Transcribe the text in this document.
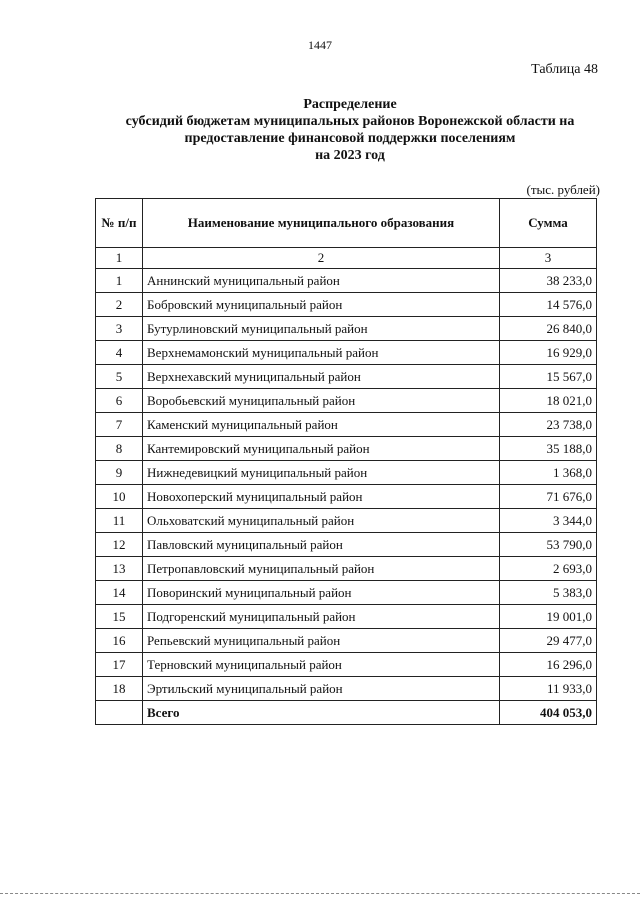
1447
Таблица 48
Распределение
субсидий бюджетам муниципальных районов Воронежской области на
предоставление финансовой поддержки поселениям
на 2023 год
(тыс. рублей)
№ п/п	Наименование муниципального образования	Сумма
1	2	3
1	Аннинский муниципальный район	38 233,0
2	Бобровский муниципальный район	14 576,0
3	Бутурлиновский муниципальный район	26 840,0
4	Верхнемамонский муниципальный район	16 929,0
5	Верхнехавский муниципальный район	15 567,0
6	Воробьевский муниципальный район	18 021,0
7	Каменский муниципальный район	23 738,0
8	Кантемировский муниципальный район	35 188,0
9	Нижнедевицкий муниципальный район	1 368,0
10	Новохоперский муниципальный район	71 676,0
11	Ольховатский муниципальный район	3 344,0
12	Павловский муниципальный район	53 790,0
13	Петропавловский муниципальный район	2 693,0
14	Поворинский муниципальный район	5 383,0
15	Подгоренский муниципальный район	19 001,0
16	Репьевский муниципальный район	29 477,0
17	Терновский муниципальный район	16 296,0
18	Эртильский муниципальный район	11 933,0
	Всего	404 053,0
